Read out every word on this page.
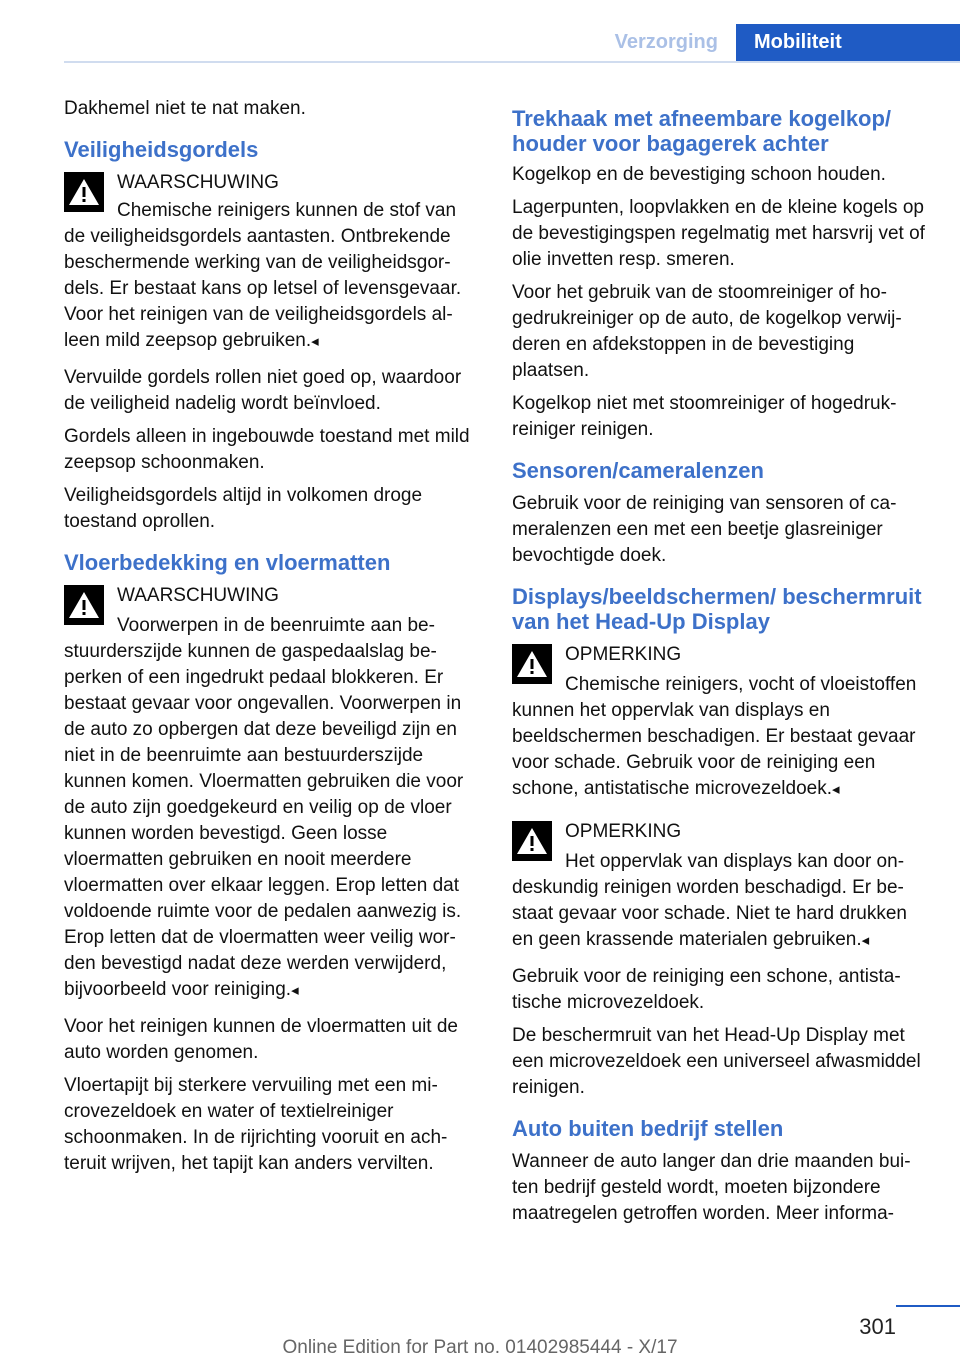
Verzorging	Mobiliteit

Dakhemel niet te nat maken.

Veiligheidsgordels
WAARSCHUWING
Chemische reinigers kunnen de stof van de veiligheidsgordels aantasten. Ontbrekende beschermende werking van de veiligheidsgordels. Er bestaat kans op letsel of levensgevaar. Voor het reinigen van de veiligheidsgordels alleen mild zeepsop gebruiken.◂

Vervuilde gordels rollen niet goed op, waardoor de veiligheid nadelig wordt beïnvloed.

Gordels alleen in ingebouwde toestand met mild zeepsop schoonmaken.

Veiligheidsgordels altijd in volkomen droge toestand oprollen.

Vloerbedekking en vloermatten
WAARSCHUWING
Voorwerpen in de beenruimte aan bestuurderszijde kunnen de gaspedaalslag beperken of een ingedrukt pedaal blokkeren. Er bestaat gevaar voor ongevallen. Voorwerpen in de auto zo opbergen dat deze beveiligd zijn en niet in de beenruimte aan bestuurderszijde kunnen komen. Vloermatten gebruiken die voor de auto zijn goedgekeurd en veilig op de vloer kunnen worden bevestigd. Geen losse vloermatten gebruiken en nooit meerdere vloermatten over elkaar leggen. Erop letten dat voldoende ruimte voor de pedalen aanwezig is. Erop letten dat de vloermatten weer veilig worden bevestigd nadat deze werden verwijderd, bijvoorbeeld voor reiniging.◂

Voor het reinigen kunnen de vloermatten uit de auto worden genomen.

Vloertapijt bij sterkere vervuiling met een microvezeldoek en water of textielreiniger schoonmaken. In de rijrichting vooruit en achteruit wrijven, het tapijt kan anders vervilten.

Trekhaak met afneembare kogelkop/ houder voor bagagerek achter

Kogelkop en de bevestiging schoon houden.

Lagerpunten, loopvlakken en de kleine kogels op de bevestigingspen regelmatig met harsvrij vet of olie invetten resp. smeren.

Voor het gebruik van de stoomreiniger of hogedrukreiniger op de auto, de kogelkop verwijderen en afdekstoppen in de bevestiging plaatsen.

Kogelkop niet met stoomreiniger of hogedrukreiniger reinigen.

Sensoren/cameralenzen

Gebruik voor de reiniging van sensoren of cameralenzen een met een beetje glasreiniger bevochtigde doek.

Displays/beeldschermen/ beschermruit van het Head-Up Display
OPMERKING
Chemische reinigers, vocht of vloeistoffen kunnen het oppervlak van displays en beeldschermen beschadigen. Er bestaat gevaar voor schade. Gebruik voor de reiniging een schone, antistatische microvezeldoek.◂
OPMERKING
Het oppervlak van displays kan door ondeskundig reinigen worden beschadigd. Er bestaat gevaar voor schade. Niet te hard drukken en geen krassende materialen gebruiken.◂

Gebruik voor de reiniging een schone, antistatische microvezeldoek.

De beschermruit van het Head-Up Display met een microvezeldoek een universeel afwasmiddel reinigen.

Auto buiten bedrijf stellen

Wanneer de auto langer dan drie maanden buiten bedrijf gesteld wordt, moeten bijzondere maatregelen getroffen worden. Meer informa-

301
Online Edition for Part no. 01402985444 - X/17
